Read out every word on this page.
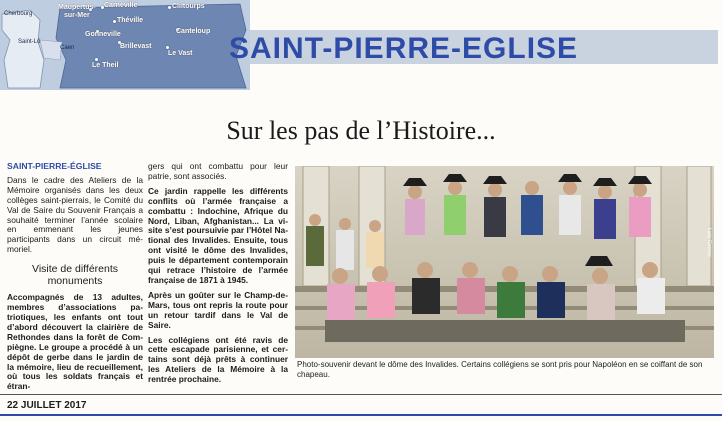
Cherbourg
Saint-Lô
Caen
Maupertus-
sur-Mer
Carneville
Théville
Cliltourps
Gonneville
Brillevast
Canteloup
Le Vast
Le Theil
SAINT-PIERRE-EGLISE
Sur les pas de l’Histoire...
SAINT-PIERRE-ÉGLISE

Dans le cadre des Ateliers de la Mémoire organisés dans les deux collèges saint-pierrais, le Comité du Val de Saire du Souvenir Français a souhaité terminer l’année scolaire en emmenant les jeunes participants dans un circuit mémoriel.

Visite de différents monuments

Accompagnés de 13 adultes, membres d’associations patriotiques, les enfants ont tout d’abord découvert la clairière de Rethondes dans la forêt de Compiègne. Le groupe a procédé à un dépôt de gerbe dans le jardin de la mémoire, lieu de recueillement, où tous les soldats français et étran-

gers qui ont combattu pour leur patrie, sont associés.

Ce jardin rappelle les différents conflits où l’armée française a combattu : Indochine, Afrique du Nord, Liban, Afghanistan... La visite s’est poursuivie par l’Hôtel National des Invalides. Ensuite, tous ont visité le dôme des Invalides, puis le département contemporain qui retrace l’histoire de l’armée française de 1871 à 1945.

Après un goûter sur le Champ-de-Mars, tous ont repris la route pour un retour tardif dans le Val de Saire.

Les collégiens ont été ravis de cette escapade parisienne, et certains sont déjà prêts à continuer les Ateliers de la Mémoire à la rentrée prochaine.

Lucy Garnier
Photo-souvenir devant le dôme des Invalides. Certains collégiens se sont pris pour Napoléon en se coiffant de son chapeau.
22 JUILLET 2017
